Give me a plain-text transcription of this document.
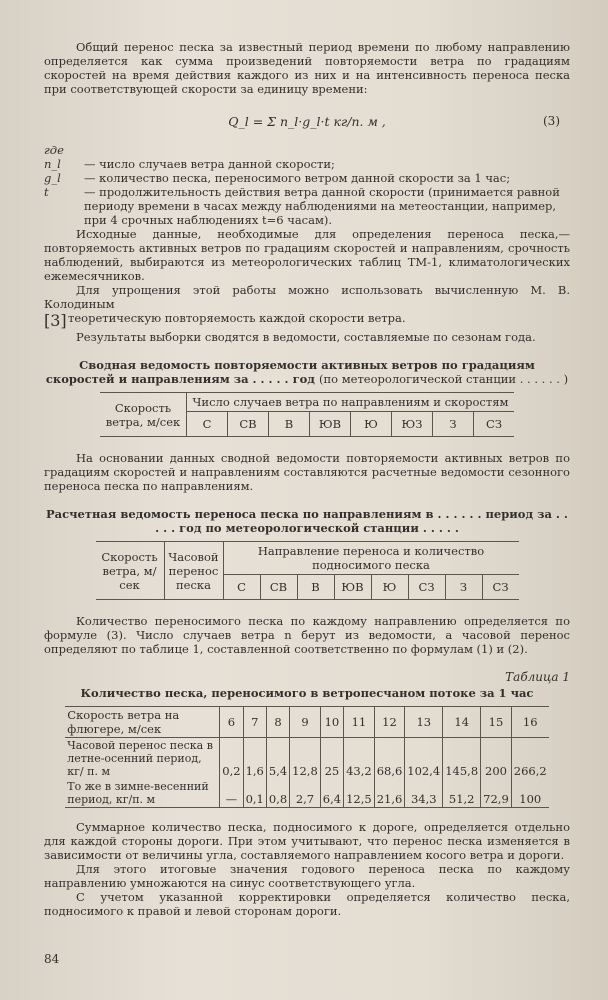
Общий перенос песка за известный период времени по любому направлению определяется как сумма произведений повторяемости ветра по градациям скоростей на время действия каждого из них и на интенсивность переноса песка при соответствующей скорости за единицу времени:

Q_l = Σ n_l·g_l·t кг/п. м ,	(3)
где
n_l	— число случаев ветра данной скорости;
g_l	— количество песка, переносимого ветром данной скорости за 1 час;
t	— продолжительность действия ветра данной скорости (принимается равной периоду времени в часах между наблюдениями на метеостанции, например, при 4 срочных наблюдениях t=6 часам).

Исходные данные, необходимые для определения переноса песка,— повторяемость активных ветров по градациям скоростей и направлениям, срочность наблюдений, выбираются из метеорологических таблиц ТМ-1, климатологических ежемесячников.

Для упрощения этой работы можно использовать вычисленную М. В. Колодиным

[3] теоретическую повторяемость каждой скорости ветра.

Результаты выборки сводятся в ведомости, составляемые по сезонам года.

Сводная ведомость повторяемости активных ветров по градациям скоростей и направлениям за . . . . . год (по метеорологической станции . . . . . . )
Скорость ветра, м/сек	Число случаев ветра по направлениям и скоростям							
	С	СВ	В	ЮВ	Ю	ЮЗ	З	СЗ

На основании данных сводной ведомости повторяемости активных ветров по градациям скоростей и направлениям составляются расчетные ведомости сезонного переноса песка по направлениям.

Расчетная ведомость переноса песка по направлениям в . . . . . . период за . . . . . год по метеорологической станции . . . . .
Скорость ветра, м/сек	Часовой перенос песка	Направление переноса и количество подносимого песка							
		С	СВ	В	ЮВ	Ю	СЗ	З	СЗ

Количество переносимого песка по каждому направлению определяется по формуле (3). Число случаев ветра n берут из ведомости, а часовой перенос определяют по таблице 1, составленной соответственно по формулам (1) и (2).

Таблица 1
Количество песка, переносимого в ветропесчаном потоке за 1 час
Скорость ветра на флюгере, м/сек	6	7	8	9	10	11	12	13	14	15	16
Часовой перенос песка в летне-осенний период, кг/ п. м	0,2	1,6	5,4	12,8	25	43,2	68,6	102,4	145,8	200	266,2
То же в зимне-весенний период, кг/п. м	—	0,1	0,8	2,7	6,4	12,5	21,6	34,3	51,2	72,9	100

Суммарное количество песка, подносимого к дороге, определяется отдельно для каждой стороны дороги. При этом учитывают, что перенос песка изменяется в зависимости от величины угла, составляемого направлением косого ветра и дороги.

Для этого итоговые значения годового переноса песка по каждому направлению умножаются на синус соответствующего угла.

С учетом указанной корректировки определяется количество песка, подносимого к правой и левой сторонам дороги.

84
